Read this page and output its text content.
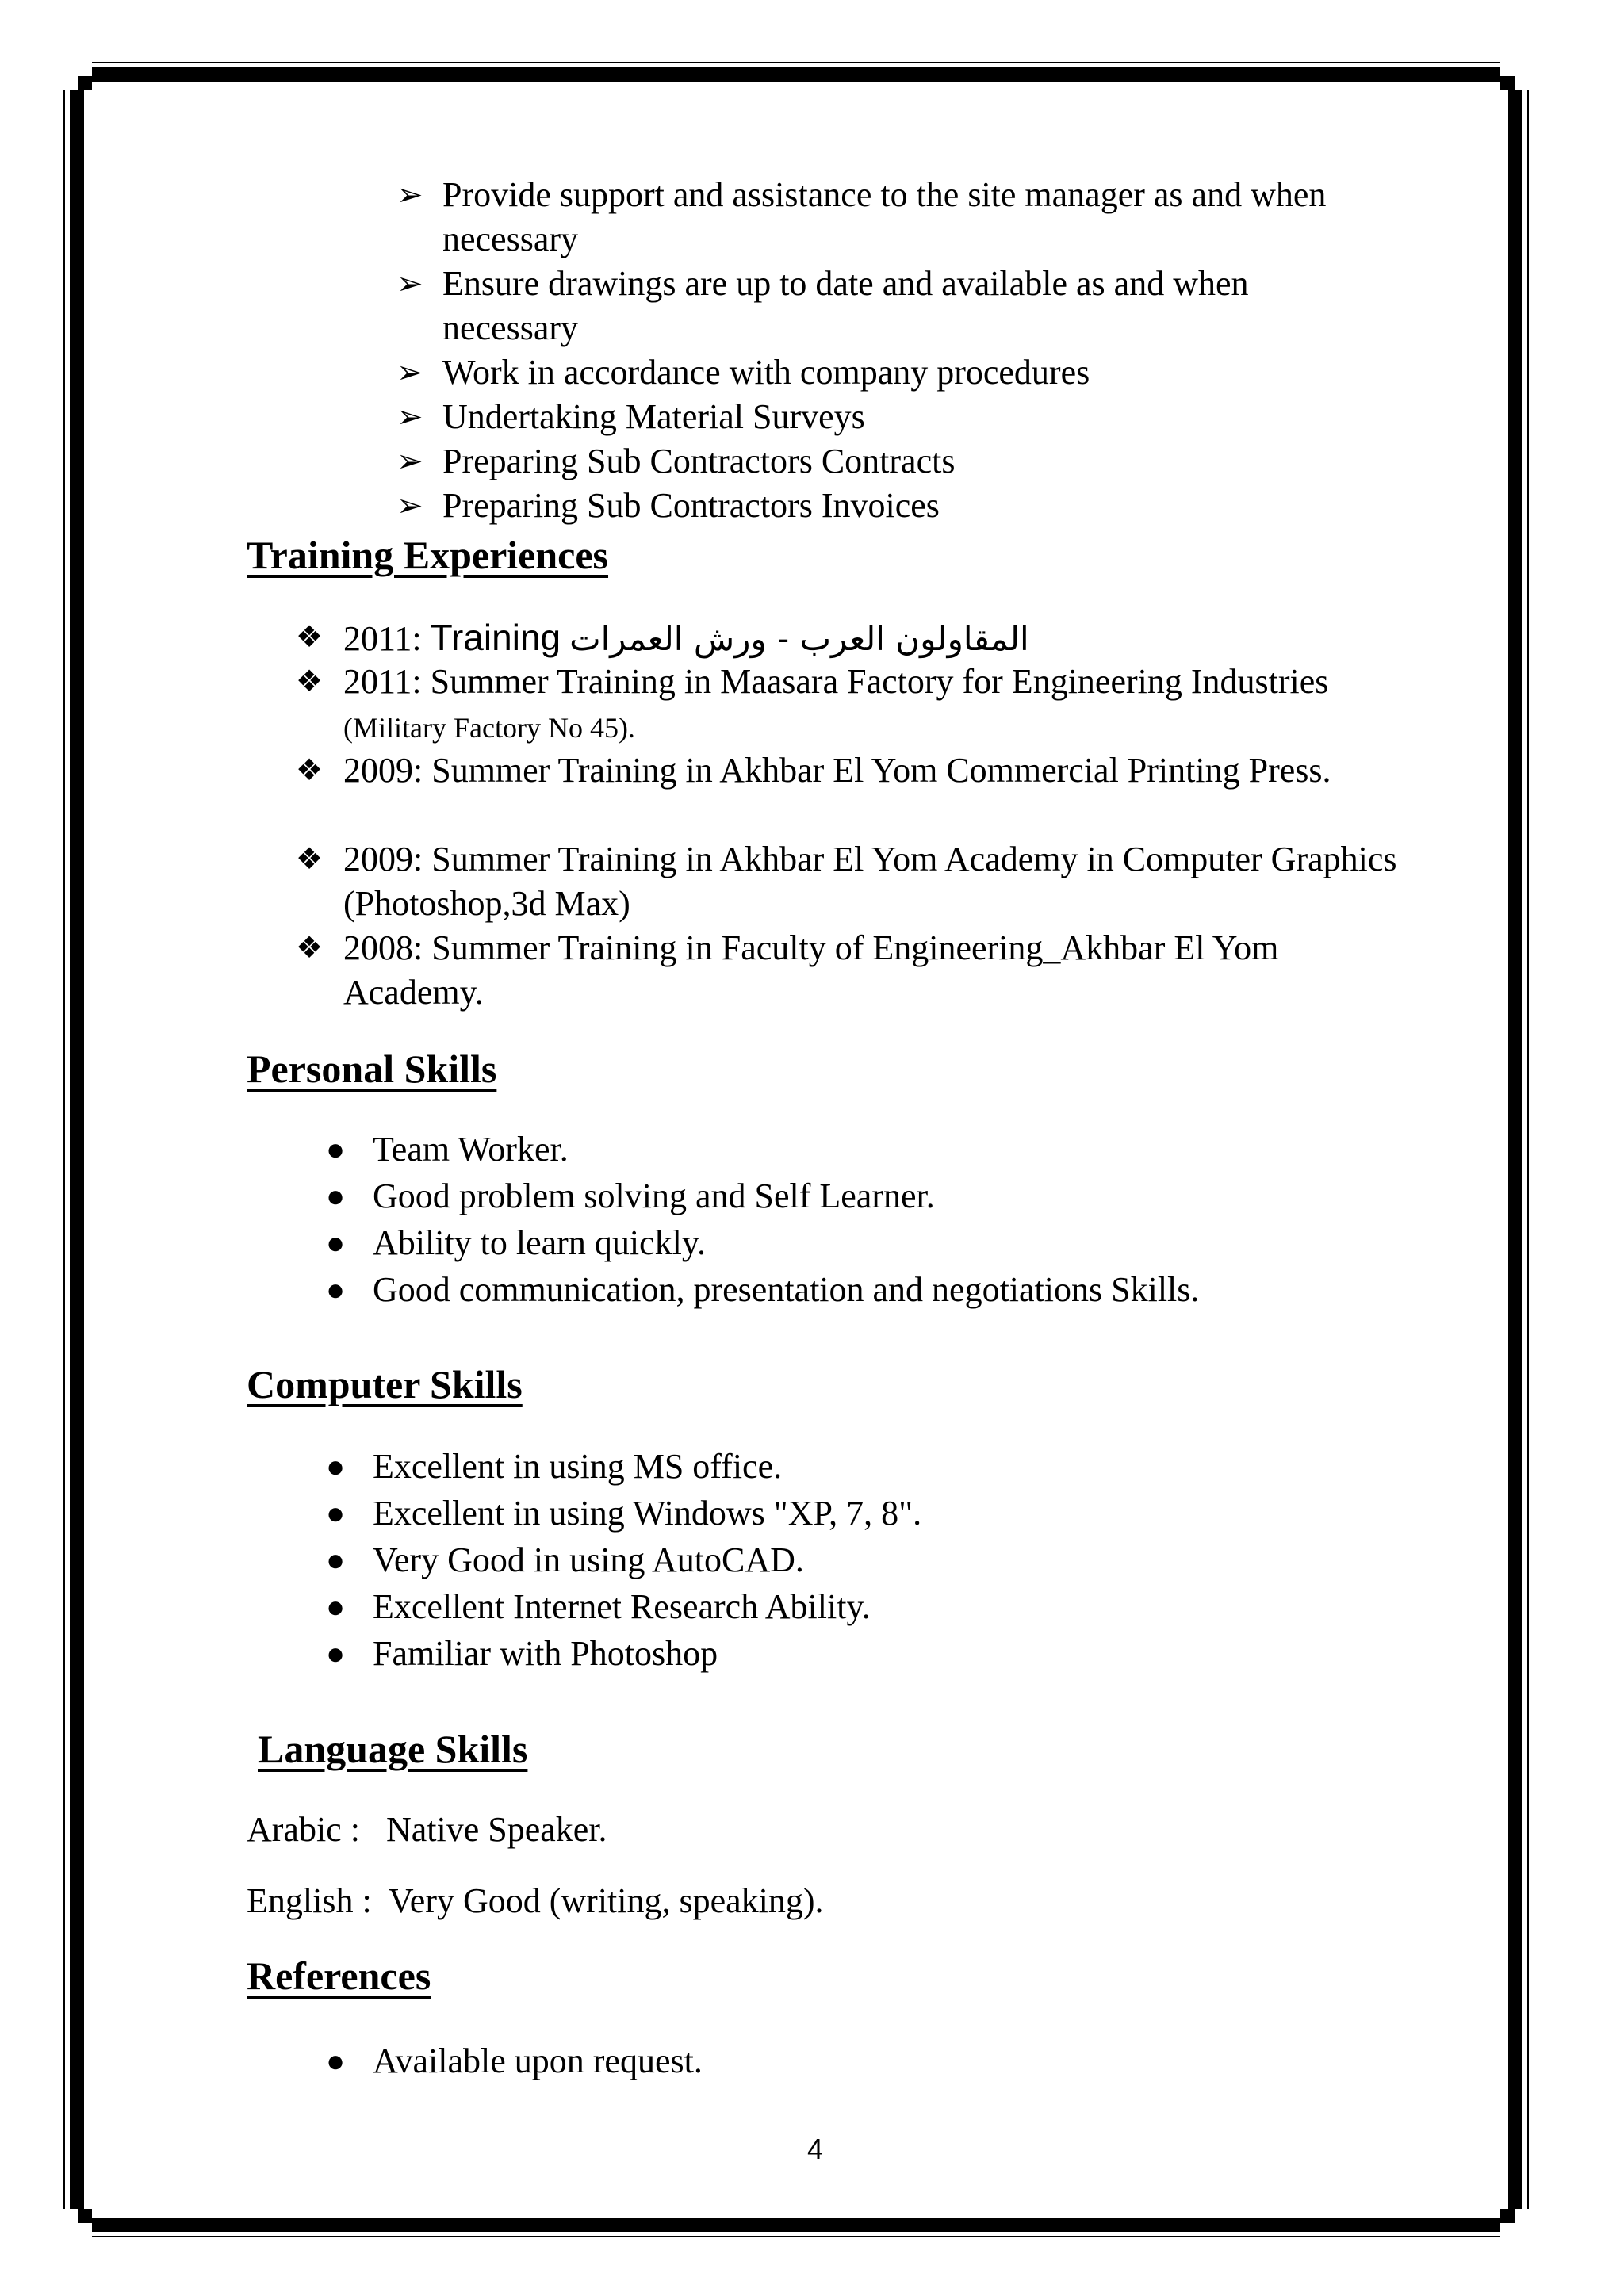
➢ Provide support and assistance to the site manager as and when necessary
➢ Ensure drawings are up to date and available as and when necessary
➢ Work in accordance with company procedures
➢ Undertaking Material Surveys
➢ Preparing Sub Contractors Contracts
➢ Preparing Sub Contractors Invoices
Training Experiences
❖ 2011: Training المقاولون العرب - ورش العمرات
❖ 2011: Summer Training in Maasara Factory for Engineering Industries (Military Factory No 45).
❖ 2009: Summer Training in Akhbar El Yom Commercial Printing Press.
❖ 2009: Summer Training in Akhbar El Yom Academy in Computer Graphics (Photoshop,3d Max)
❖ 2008: Summer Training in Faculty of Engineering_Akhbar El Yom Academy.
Personal Skills
● Team Worker.
● Good problem solving and Self Learner.
● Ability to learn quickly.
● Good communication, presentation and negotiations Skills.
Computer Skills
● Excellent in using MS office.
● Excellent in using Windows "XP, 7, 8".
● Very Good in using AutoCAD.
● Excellent Internet Research Ability.
● Familiar with Photoshop
Language Skills
Arabic :   Native Speaker.
English :  Very Good (writing, speaking).
References
● Available upon request.
4
